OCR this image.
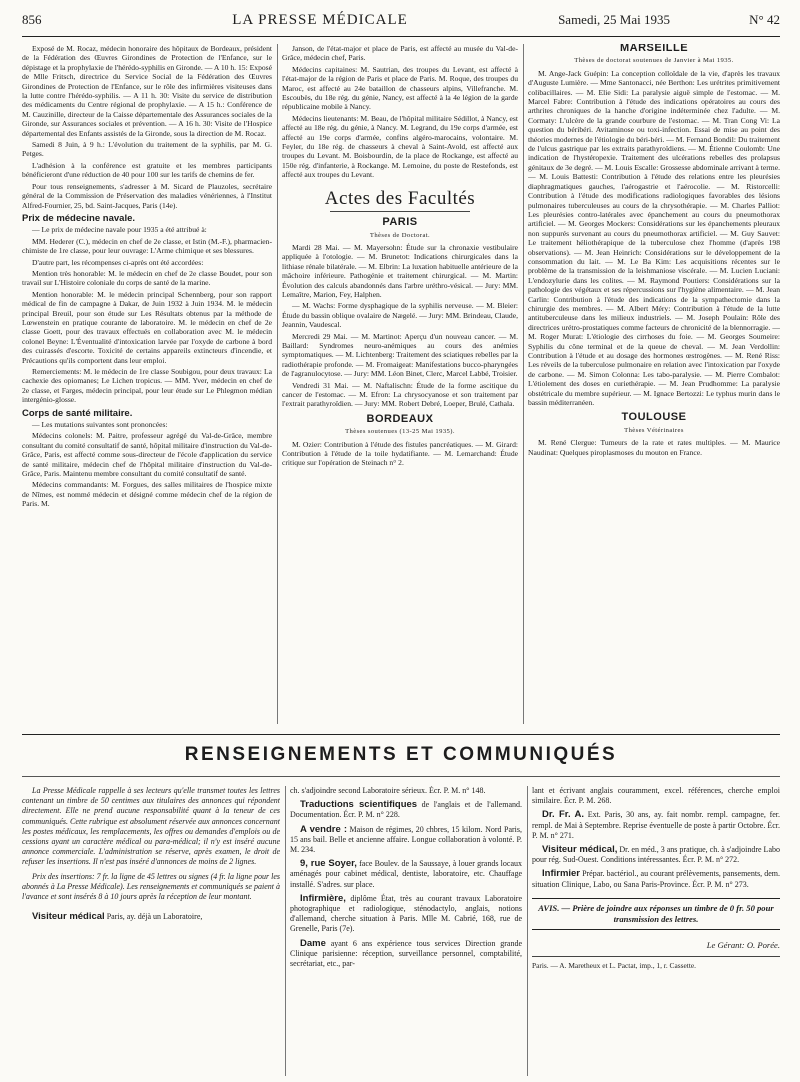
856	LA PRESSE MÉDICALE	Samedi, 25 Mai 1935	N° 42

Exposé de M. Rocaz, médecin honoraire des hôpitaux de Bordeaux, président de la Fédération des Œuvres Girondines de Protection de l'Enfance, sur le dépistage et la prophylaxie de l'hérédo-syphilis en Gironde. — A 10 h. 15: Exposé de Mlle Fritsch, directrice du Service Social de la Fédération des Œuvres Girondines de Protection de l'Enfance, sur le rôle des infirmières visiteuses dans la lutte contre l'hérédo-syphilis. — A 11 h. 30: Visite du service de distribution des médicaments du Centre régional de prophylaxie. — A 15 h.: Conférence de M. Cauzinille, directeur de la Caisse départementale des Assurances sociales de la Gironde, sur Assurances sociales et prévention. — A 16 h. 30: Visite de l'Hospice départemental des Enfants assistés de la Gironde, sous la direction de M. Rocaz.

Samedi 8 Juin, à 9 h.: L'évolution du traitement de la syphilis, par M. G. Petges.

L'adhésion à la conférence est gratuite et les membres participants bénéficieront d'une réduction de 40 pour 100 sur les tarifs de chemins de fer.

Pour tous renseignements, s'adresser à M. Sicard de Plauzoles, secrétaire général de la Commission de Préservation des maladies vénériennes, à l'Institut Alfred-Fournier, 25, bd. Saint-Jacques, Paris (14e).

Prix de médecine navale.

— Le prix de médecine navale pour 1935 a été attribué à:

MM. Hederer (C.), médecin en chef de 2e classe, et Istin (M.-F.), pharmacien-chimiste de 1re classe, pour leur ouvrage: L'Arme chimique et ses blessures.

D'autre part, les récompenses ci-après ont été accordées:

Mention très honorable: M. le médecin en chef de 2e classe Boudet, pour son travail sur L'Histoire coloniale du corps de santé de la marine.

Mention honorable: M. le médecin principal Schennberg, pour son rapport médical de fin de campagne à Dakar, de Juin 1932 à Juin 1934. M. le médecin principal Breuil, pour son étude sur Les Résultats obtenus par la méthode de Lœwenstein en pratique courante de laboratoire. M. le médecin en chef de 2e classe Goett, pour des travaux effectués en collaboration avec M. le médecin colonel Beyne: L'Éventualité d'intoxication larvée par l'oxyde de carbone à bord des cuirassés d'escorte. Toxicité de certains appareils extincteurs d'incendie, et Précautions qu'ils comportent dans leur emploi.

Remerciements: M. le médecin de 1re classe Soubigou, pour deux travaux: La cachexie des opiomanes; Le Lichen tropicus. — MM. Yver, médecin en chef de 2e classe, et Farges, médecin principal, pour leur étude sur Le Phlegmon médian intergénio-glosse.

Corps de santé militaire.

— Les mutations suivantes sont prononcées:

Médecins colonels: M. Paitre, professeur agrégé du Val-de-Grâce, membre consultant du comité consultatif de santé, hôpital militaire d'instruction du Val-de-Grâce, Paris, est affecté comme sous-directeur de l'école d'application du service de santé militaire, médecin chef de l'hôpital militaire d'instruction du Val-de-Grâce, Paris. Maintenu membre consultant du comité consultatif de santé.

Médecins commandants: M. Forgues, des salles militaires de l'hospice mixte de Nîmes, est nommé médecin et désigné comme médecin chef de la région de Paris. M.

Janson, de l'état-major et place de Paris, est affecté au musée du Val-de-Grâce, médecin chef, Paris.

Médecins capitaines: M. Sautrian, des troupes du Levant, est affecté à l'état-major de la région de Paris et place de Paris. M. Roque, des troupes du Maroc, est affecté au 24e bataillon de chasseurs alpins, Villefranche. M. Escoubès, du 18e rég. du génie, Nancy, est affecté à la 4e légion de la garde républicaine mobile à Nancy.

Médecins lieutenants: M. Beau, de l'hôpital militaire Sédillot, à Nancy, est affecté au 18e rég. du génie, à Nancy. M. Legrand, du 19e corps d'armée, est affecté au 19e corps d'armée, confins algéro-marocains, volontaire. M. Feyler, du 18e rég. de chasseurs à cheval à Saint-Avold, est affecté aux troupes du Levant. M. Boisbourdin, de la place de Rockange, est affecté au 150e rég. d'infanterie, à Rockange. M. Lemoine, du poste de Restefonds, est affecté aux troupes du Levant.

Actes des Facultés
PARIS
Thèses de Doctorat.

Mardi 28 Mai. — M. Mayersohn: Étude sur la chronaxie vestibulaire appliquée à l'otologie. — M. Brunetot: Indications chirurgicales dans la lithiase rénale bilatérale. — M. Elbrin: La luxation habituelle antérieure de la mâchoire inférieure. Pathogénie et traitement chirurgical. — M. Martin: Évolution des calculs abandonnés dans l'arbre uréthro-vésical. — Jury: MM. Lemaître, Marion, Fey, Halphen.

— M. Wachs: Forme dysphagique de la syphilis nerveuse. — M. Bleier: Étude du bassin oblique ovalaire de Nægelé. — Jury: MM. Brindeau, Claude, Jeannin, Vaudescal.

Mercredi 29 Mai. — M. Martinot: Aperçu d'un nouveau cancer. — M. Baillard: Syndromes neuro-anémiques au cours des anémies symptomatiques. — M. Lichtenberg: Traitement des sciatiques rebelles par la radiothérapie profonde. — M. Fromaigeat: Manifestations bucco-pharyngées de l'agranulocytose. — Jury: MM. Léon Binet, Clerc, Marcel Labbé, Troisier.

Vendredi 31 Mai. — M. Naftalischn: Étude de la forme ascitique du cancer de l'estomac. — M. Efron: La chrysocyanose et son traitement par l'extrait parathyroïdien. — Jury: MM. Robert Debré, Loeper, Brulé, Cathala.

BORDEAUX
Thèses soutenues (13-25 Mai 1935).

M. Ozier: Contribution à l'étude des fistules pancréatiques. — M. Girard: Contribution à l'étude de la toile hydatifiante. — M. Lemarchand: Étude critique sur l'opération de Steinach n° 2.

MARSEILLE
Thèses de doctorat soutenues de Janvier à Mai 1935.

M. Ange-Jack Guépin: La conception colloïdale de la vie, d'après les travaux d'Auguste Lumière. — Mme Santonacci, née Berthon: Les urétrites primitivement colibacillaires. — M. Elie Sidi: La paralysie aiguë simple de l'estomac. — M. Marcel Fabre: Contribution à l'étude des indications opératoires au cours des arthrites chroniques de la hanche d'origine indéterminée chez l'adulte. — M. Cormaty: L'ulcère de la grande courbure de l'estomac. — M. Tran Cong Vi: La question du béribéri. Avitaminose ou toxi-infection. Essai de mise au point des théories modernes de l'étiologie du béri-béri. — M. Fernand Bondil: Du traitement de l'ulcus gastrique par les extraits parathyroïdiens. — M. Étienne Coulomb: Une indication de l'hystéropexie. Traitement des ulcérations rebelles des prolapsus génitaux de 3e degré. — M. Louis Escalle: Grossesse abdominale arrivant à terme. — M. Louis Battesti: Contribution à l'étude des relations entre les pleurésies diaphragmatiques gauches, l'aérogastrie et l'aérocolie. — M. Ristorcelli: Contribution à l'étude des modifications radiologiques favorables des lésions pulmonaires tuberculeuses au cours de la chrysothérapie. — M. Charles Palliot: Les pleurésies contro-latérales avec épanchement au cours du pneumothorax artificiel. — M. Georges Mockers: Considérations sur les épanchements pleuraux non suppurés survenant au cours du pneumothorax artificiel. — M. Guy Sauvet: Le traitement héliothérapique de la tuberculose chez l'homme (d'après 198 observations). — M. Jean Heinrich: Considérations sur le développement de la consommation du lait. — M. Le Ba Kim: Les acquisitions récentes sur le problème de la transmission de la leishmaniose viscérale. — M. Lucien Luciani: L'endozylurie dans les colites. — M. Raymond Poutiers: Considérations sur la pathologie des végétaux et ses répercussions sur l'hygiène alimentaire. — M. Jean Carlin: Contribution à l'étude des indications de la sympathectomie dans la chirurgie des membres. — M. Albert Méry: Contribution à l'étude de la lutte antituberculeuse dans les milieux industriels. — M. Joseph Poulain: Rôle des directrices urétro-prostatiques comme facteurs de chronicité de la blennorragie. — M. Roger Murat: L'étiologie des cirrhoses du foie. — M. Georges Soumeire: Syphilis du cône terminal et de la queue de cheval. — M. Jean Verdollin: Contribution à l'étude et au dosage des hormones œstrogènes. — M. René Riss: Les réveils de la tuberculose pulmonaire en relation avec l'intoxication par l'oxyde de carbone. — M. Simon Colonna: Les tabo-paralysie. — M. Pierre Combalot: L'étiolement des doses en curiethérapie. — M. Jean Prudhomme: La paralysie obstétricale du membre supérieur. — M. Ignace Bertozzi: Le typhus murin dans le bassin méditerranéen.

TOULOUSE
Thèses Vétérinaires

M. René Clergue: Tumeurs de la rate et rates multiples. — M. Maurice Naudinat: Quelques piroplasmoses du mouton en France.

RENSEIGNEMENTS ET COMMUNIQUÉS

La Presse Médicale rappelle à ses lecteurs qu'elle transmet toutes les lettres contenant un timbre de 50 centimes aux titulaires des annonces qui répondent directement. Elle ne prend aucune responsabilité quant à la teneur de ces communiqués. Cette rubrique est absolument réservée aux annonces concernant les postes médicaux, les remplacements, les offres ou demandes d'emplois ou de cessions ayant un caractère médical ou para-médical; il n'y est inséré aucune annonce commerciale. L'administration se réserve, après examen, le droit de refuser les insertions. Il n'est pas inséré d'annonces de moins de 2 lignes.

Prix des insertions: 7 fr. la ligne de 45 lettres ou signes (4 fr. la ligne pour les abonnés à La Presse Médicale). Les renseignements et communiqués se paient à l'avance et sont insérés 8 à 10 jours après la réception de leur montant.

Visiteur médical Paris, ay. déjà un Laboratoire,

ch. s'adjoindre second Laboratoire sérieux. Écr. P. M. n° 148.

Traductions scientifiques de l'anglais et de l'allemand. Documentation. Écr. P. M. n° 228.

A vendre : Maison de régimes, 20 chbres, 15 kilom. Nord Paris, 15 ans bail. Belle et ancienne affaire. Longue collaboration à volonté. P. M. 234.

9, rue Soyer, face Boulev. de la Saussaye, à louer grands locaux aménagés pour cabinet médical, dentiste, laboratoire, etc. Chauffage installé. S'adres. sur place.

Infirmière, diplôme État, très au courant travaux Laboratoire photographique et radiologique, sténodactylo, anglais, notions d'allemand, cherche situation à Paris. Mlle M. Cabrié, 168, rue de Grenelle, Paris (7e).

Dame ayant 6 ans expérience tous services Direction grande Clinique parisienne: réception, surveillance personnel, comptabilité, secrétariat, etc., par-

lant et écrivant anglais couramment, excel. références, cherche emploi similaire. Écr. P. M. 268.

Dr. Fr. A. Ext. Paris, 30 ans, ay. fait nombr. rempl. campagne, fer. rempl. de Mai à Septembre. Reprise éventuelle de poste à partir Octobre. Écr. P. M. n° 271.

Visiteur médical, Dr. en méd., 3 ans pratique, ch. à s'adjoindre Labo pour rég. Sud-Ouest. Conditions intéressantes. Écr. P. M. n° 272.

Infirmier Prépar. bactériol., au courant prélèvements, pansements, dem. situation Clinique, Labo, ou Sana Paris-Province. Écr. P. M. n° 273.

AVIS. — Prière de joindre aux réponses un timbre de 0 fr. 50 pour transmission des lettres.
Le Gérant: O. Porée.
Paris. — A. Maretheux et L. Pactat, imp., 1, r. Cassette.
